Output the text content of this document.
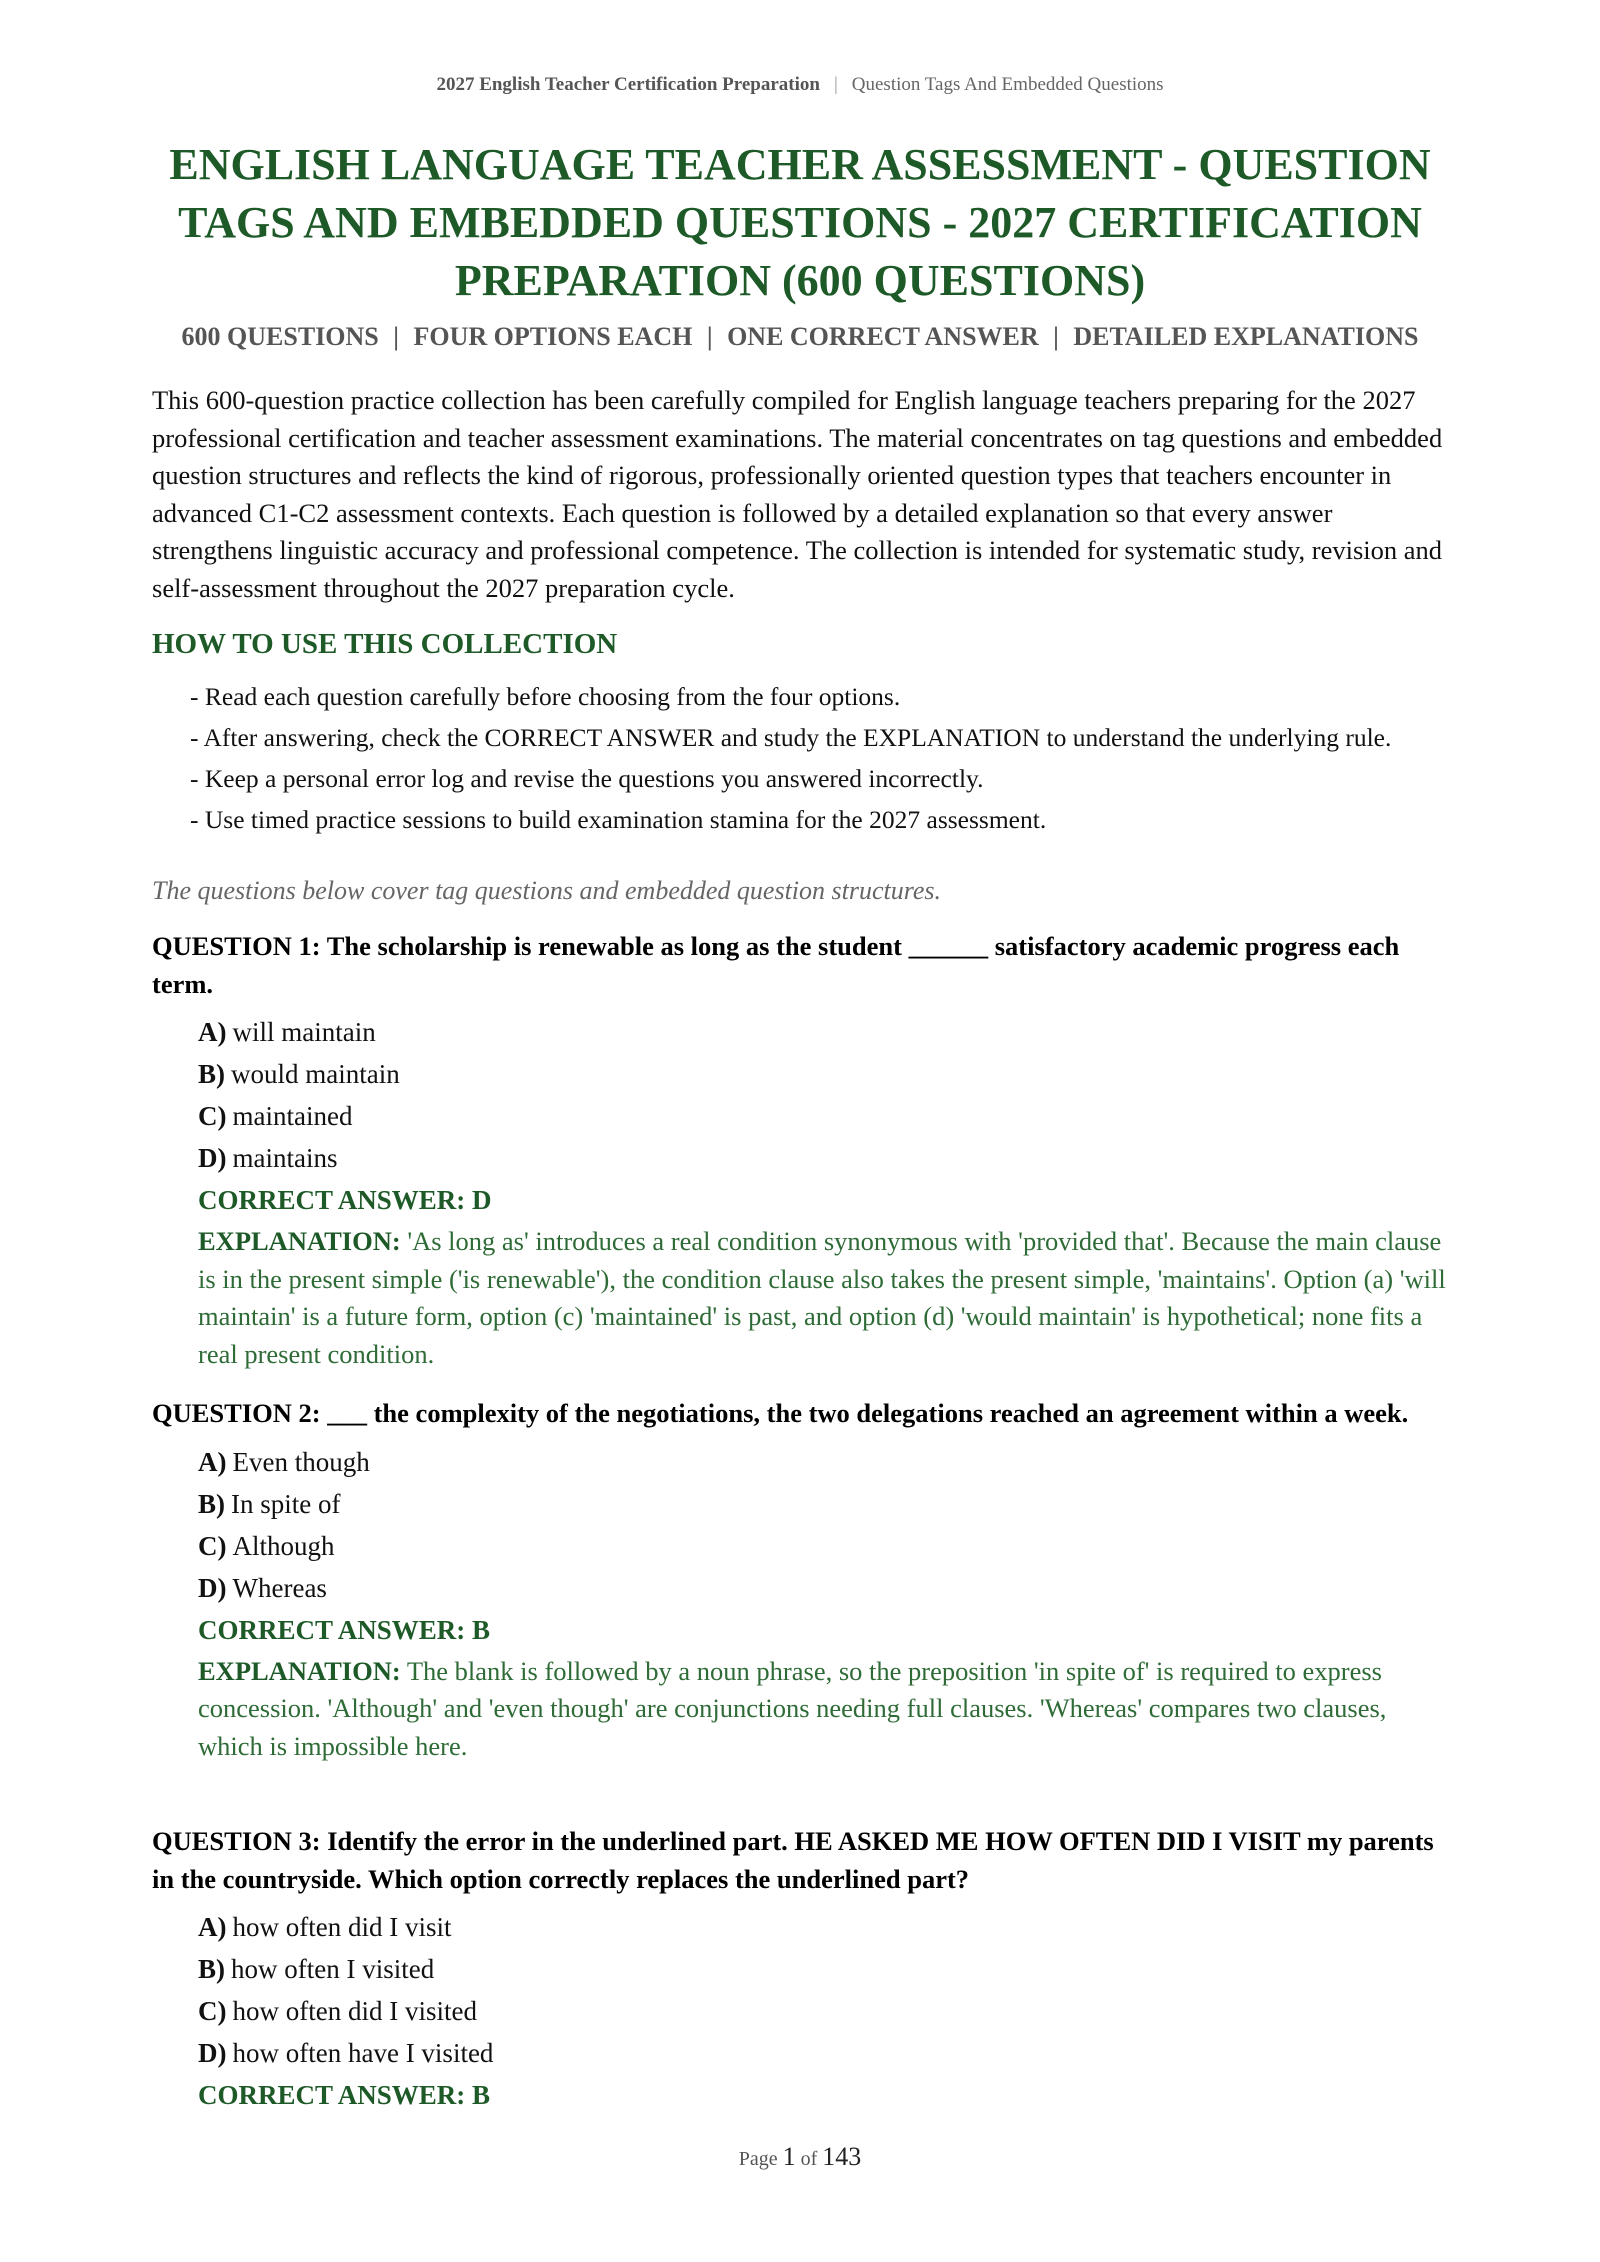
2027 English Teacher Certification Preparation | Question Tags And Embedded Questions
ENGLISH LANGUAGE TEACHER ASSESSMENT - QUESTION TAGS AND EMBEDDED QUESTIONS - 2027 CERTIFICATION PREPARATION (600 QUESTIONS)
600 QUESTIONS | FOUR OPTIONS EACH | ONE CORRECT ANSWER | DETAILED EXPLANATIONS

This 600-question practice collection has been carefully compiled for English language teachers preparing for the 2027 professional certification and teacher assessment examinations. The material concentrates on tag questions and embedded question structures and reflects the kind of rigorous, professionally oriented question types that teachers encounter in advanced C1-C2 assessment contexts. Each question is followed by a detailed explanation so that every answer strengthens linguistic accuracy and professional competence. The collection is intended for systematic study, revision and self-assessment throughout the 2027 preparation cycle.

HOW TO USE THIS COLLECTION
- Read each question carefully before choosing from the four options.
- After answering, check the CORRECT ANSWER and study the EXPLANATION to understand the underlying rule.
- Keep a personal error log and revise the questions you answered incorrectly.
- Use timed practice sessions to build examination stamina for the 2027 assessment.
The questions below cover tag questions and embedded question structures.

QUESTION 1: The scholarship is renewable as long as the student ______ satisfactory academic progress each term.

A) will maintain
B) would maintain
C) maintained
D) maintains

CORRECT ANSWER: D

EXPLANATION: 'As long as' introduces a real condition synonymous with 'provided that'. Because the main clause is in the present simple ('is renewable'), the condition clause also takes the present simple, 'maintains'. Option (a) 'will maintain' is a future form, option (c) 'maintained' is past, and option (d) 'would maintain' is hypothetical; none fits a real present condition.

QUESTION 2: ___ the complexity of the negotiations, the two delegations reached an agreement within a week.

A) Even though
B) In spite of
C) Although
D) Whereas

CORRECT ANSWER: B

EXPLANATION: The blank is followed by a noun phrase, so the preposition 'in spite of' is required to express concession. 'Although' and 'even though' are conjunctions needing full clauses. 'Whereas' compares two clauses, which is impossible here.

QUESTION 3: Identify the error in the underlined part. HE ASKED ME HOW OFTEN DID I VISIT my parents in the countryside. Which option correctly replaces the underlined part?

A) how often did I visit
B) how often I visited
C) how often did I visited
D) how often have I visited

CORRECT ANSWER: B

Page 1 of 143
